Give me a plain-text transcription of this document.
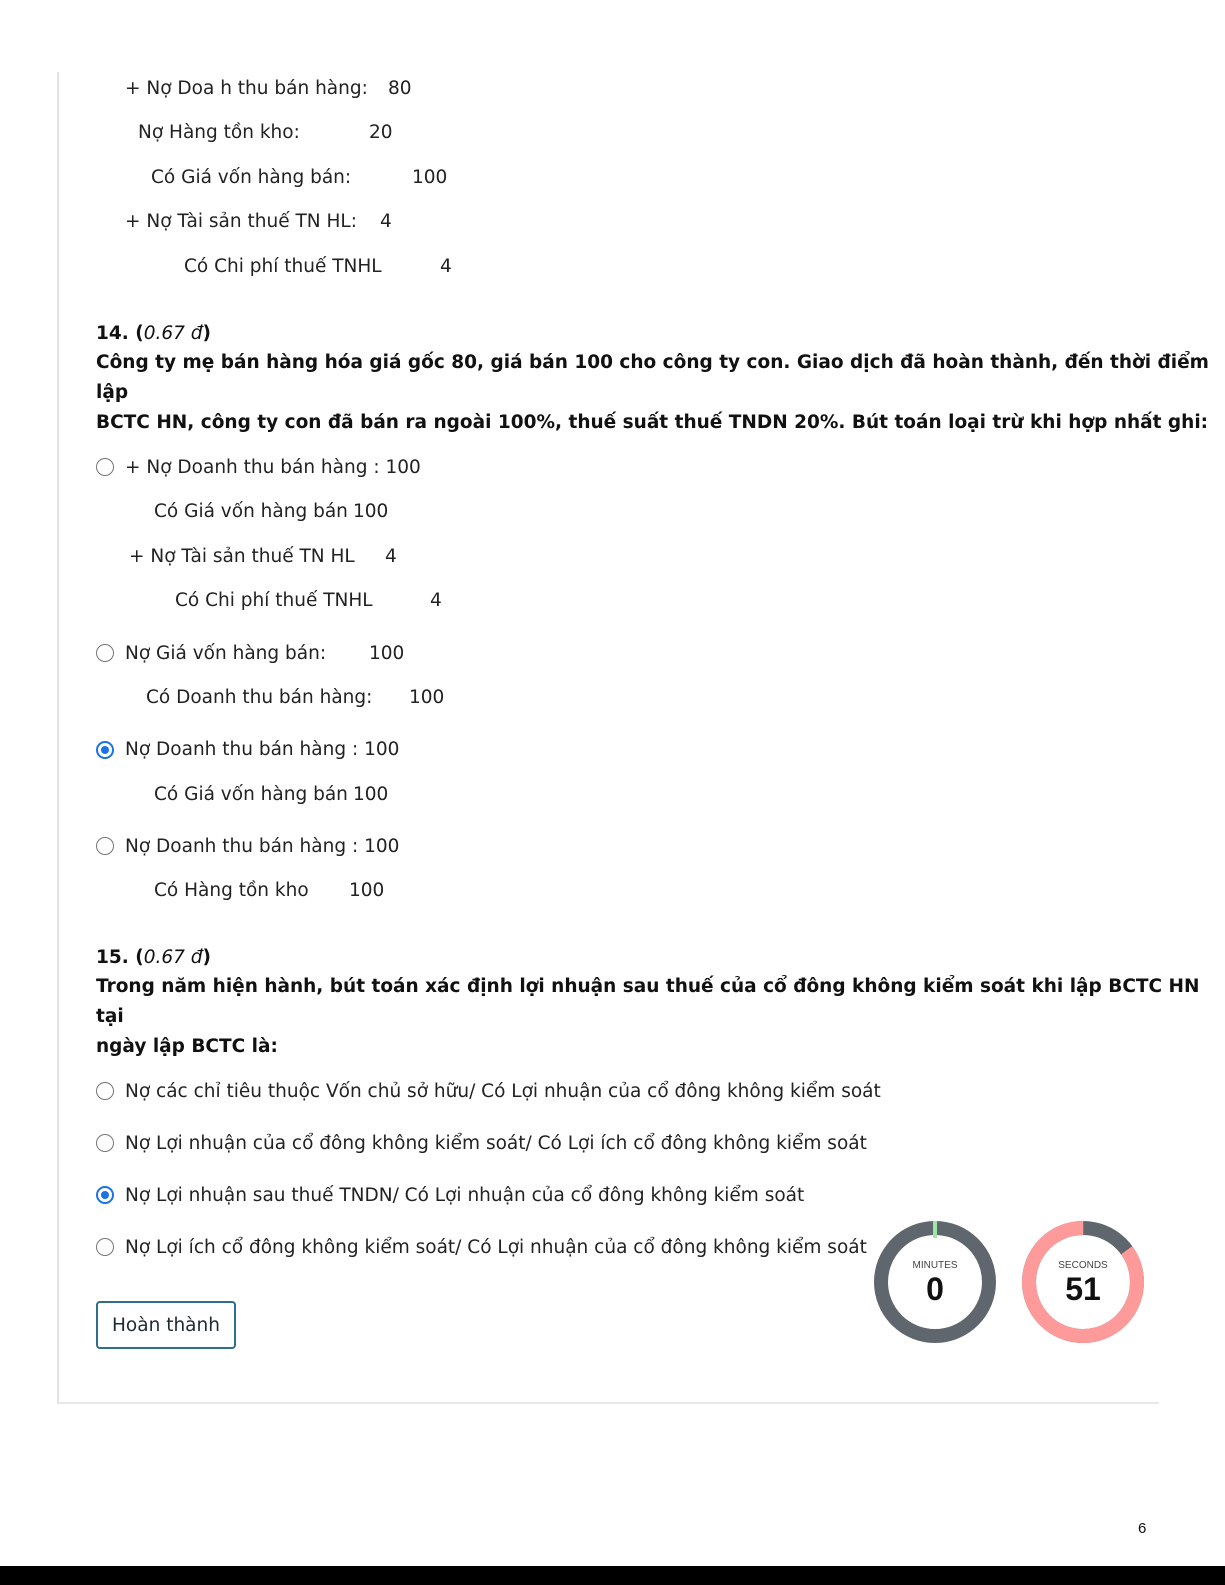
+ Nợ Doa h thu bán hàng: 80
Nợ Hàng tồn kho:	20
Có Giá vốn hàng bán:	100
+ Nợ Tài sản thuế TN HL: 4
Có Chi phí thuế TNHL	4
14. (0.67 đ)
Công ty mẹ bán hàng hóa giá gốc 80, giá bán 100 cho công ty con. Giao dịch đã hoàn thành, đến thời điểm lập
BCTC HN, công ty con đã bán ra ngoài 100%, thuế suất thuế TNDN 20%. Bút toán loại trừ khi hợp nhất ghi:
+ Nợ Doanh thu bán hàng : 100
Có Giá vốn hàng bán 100
+ Nợ Tài sản thuế TN HL 4
Có Chi phí thuế TNHL	4
Nợ Giá vốn hàng bán: 100
Có Doanh thu bán hàng: 100
Nợ Doanh thu bán hàng : 100
Có Giá vốn hàng bán 100
Nợ Doanh thu bán hàng : 100
Có Hàng tồn kho 100
15. (0.67 đ)
Trong năm hiện hành, bút toán xác định lợi nhuận sau thuế của cổ đông không kiểm soát khi lập BCTC HN tại
ngày lập BCTC là:
Nợ các chỉ tiêu thuộc Vốn chủ sở hữu/ Có Lợi nhuận của cổ đông không kiểm soát
Nợ Lợi nhuận của cổ đông không kiểm soát/ Có Lợi ích cổ đông không kiểm soát
Nợ Lợi nhuận sau thuế TNDN/ Có Lợi nhuận của cổ đông không kiểm soát
Nợ Lợi ích cổ đông không kiểm soát/ Có Lợi nhuận của cổ đông không kiểm soát
Hoàn thành
MINUTES
0
SECONDS
51
6
